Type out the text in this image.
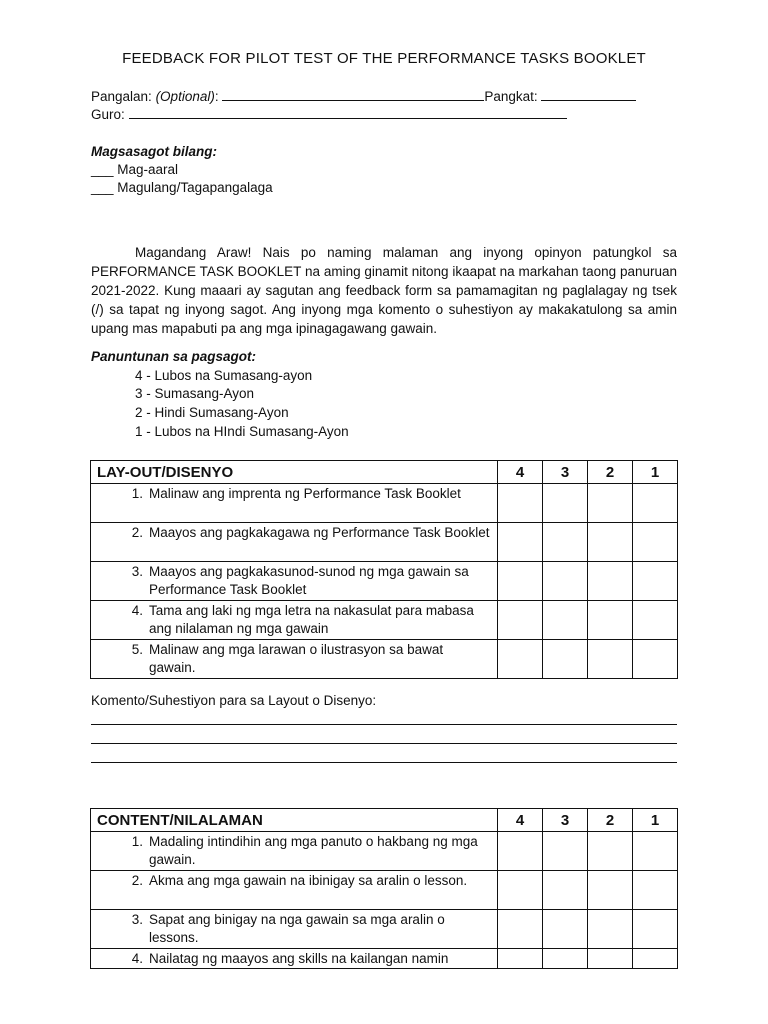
FEEDBACK FOR PILOT TEST OF THE PERFORMANCE TASKS BOOKLET
Pangalan: (Optional):	Pangkat:
Guro:
Magsasagot bilang:
___ Mag-aaral
___ Magulang/Tagapangalaga
Magandang Araw! Nais po naming malaman ang inyong opinyon patungkol sa PERFORMANCE TASK BOOKLET na aming ginamit nitong ikaapat na markahan taong panuruan 2021-2022. Kung maaari ay sagutan ang feedback form sa pamamagitan ng paglalagay ng tsek (/) sa tapat ng inyong sagot. Ang inyong mga komento o suhestiyon ay makakatulong sa amin upang mas mapabuti pa ang mga ipinagagawang gawain.
Panuntunan sa pagsagot:
4 - Lubos na Sumasang-ayon
3 - Sumasang-Ayon
2 - Hindi Sumasang-Ayon
1 - Lubos na HIndi Sumasang-Ayon
LAY-OUT/DISENYO	4	3	2	1

1. Malinaw ang imprenta ng Performance Task Booklet				

2. Maayos ang pagkakagawa ng Performance Task Booklet				

3. Maayos ang pagkakasunod-sunod ng mga gawain sa Performance Task Booklet				

4. Tama ang laki ng mga letra na nakasulat para mabasa ang nilalaman ng mga gawain				

5. Malinaw ang mga larawan o ilustrasyon sa bawat gawain.				

Komento/Suhestiyon para sa Layout o Disenyo:
CONTENT/NILALAMAN	4	3	2	1

1. Madaling intindihin ang mga panuto o hakbang ng mga gawain.				

2. Akma ang mga gawain na ibinigay sa aralin o lesson.				

3. Sapat ang binigay na nga gawain sa mga aralin o lessons.				

4. Nailatag ng maayos ang skills na kailangan namin				
